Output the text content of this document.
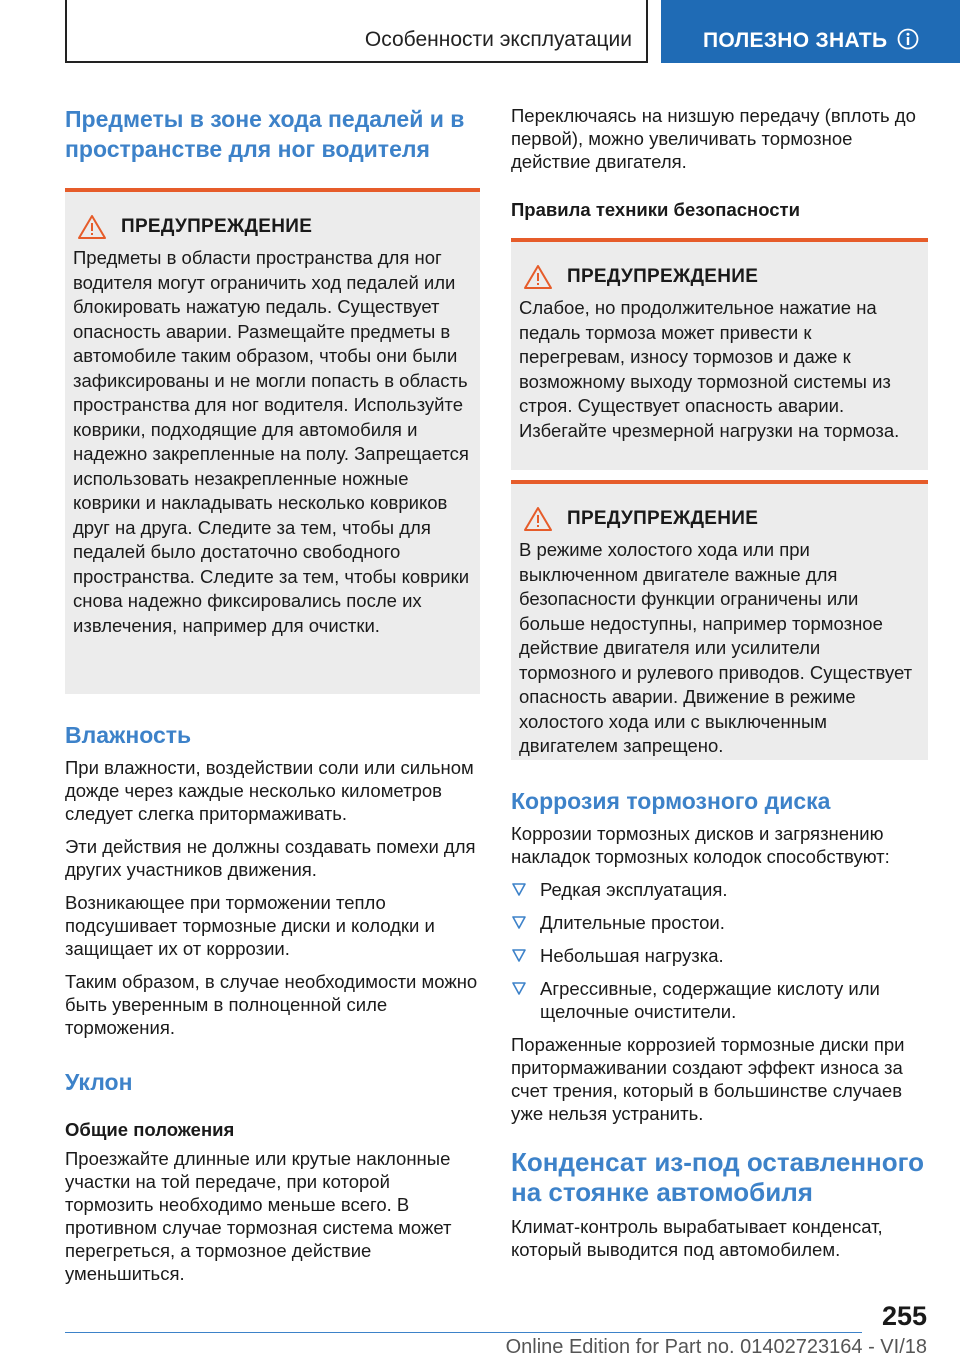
Особенности эксплуатации	ПОЛЕЗНО ЗНАТЬ
Предметы в зоне хода педалей и в пространстве для ног водителя
ПРЕДУПРЕЖДЕНИЕ

Предметы в области пространства для ног водителя могут ограничить ход педалей или блокировать нажатую педаль. Существует опасность аварии. Размещайте предметы в автомобиле таким образом, чтобы они были зафиксированы и не могли попасть в область пространства для ног водителя. Используйте коврики, подходящие для автомобиля и надежно закрепленные на полу. Запрещается использовать незакрепленные ножные коврики и накладывать несколько ковриков друг на друга. Следите за тем, чтобы для педалей было достаточно свободного пространства. Следите за тем, чтобы коврики снова надежно фиксировались после их извлечения, например для очистки.

Влажность

При влажности, воздействии соли или сильном дожде через каждые несколько километров следует слегка притормаживать.

Эти действия не должны создавать помехи для других участников движения.

Возникающее при торможении тепло подсушивает тормозные диски и колодки и защищает их от коррозии.

Таким образом, в случае необходимости можно быть уверенным в полноценной силе торможения.

Уклон
Общие положения

Проезжайте длинные или крутые наклонные участки на той передаче, при которой тормозить необходимо меньше всего. В противном случае тормозная система может перегреться, а тормозное действие уменьшиться.

Переключаясь на низшую передачу (вплоть до первой), можно увеличивать тормозное действие двигателя.

Правила техники безопасности
ПРЕДУПРЕЖДЕНИЕ

Слабое, но продолжительное нажатие на педаль тормоза может привести к перегревам, износу тормозов и даже к возможному выходу тормозной системы из строя. Существует опасность аварии. Избегайте чрезмерной нагрузки на тормоза.

ПРЕДУПРЕЖДЕНИЕ

В режиме холостого хода или при выключенном двигателе важные для безопасности функции ограничены или больше недоступны, например тормозное действие двигателя или усилители тормозного и рулевого приводов. Существует опасность аварии. Движение в режиме холостого хода или с выключенным двигателем запрещено.

Коррозия тормозного диска

Коррозии тормозных дисков и загрязнению накладок тормозных колодок способствуют:

Редкая эксплуатация.
Длительные простои.
Небольшая нагрузка.
Агрессивные, содержащие кислоту или щелочные очистители.

Пораженные коррозией тормозные диски при притормаживании создают эффект износа за счет трения, который в большинстве случаев уже нельзя устранить.

Конденсат из-под оставленного на стоянке автомобиля

Климат-контроль вырабатывает конденсат, который выводится под автомобилем.

255
Online Edition for Part no. 01402723164 - VI/18
